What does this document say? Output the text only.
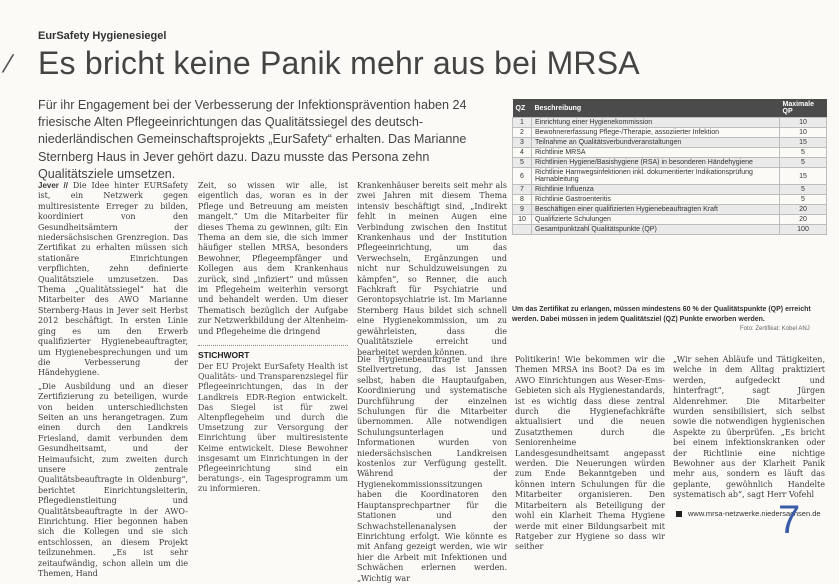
EurSafety Hygienesiegel
⁄ Es bricht keine Panik mehr aus bei MRSA
Für ihr Engagement bei der Verbesserung der Infektionsprävention haben 24 friesische Alten Pflegeeinrichtungen das Qualitätssiegel des deutsch-niederländischen Gemeinschaftsprojekts „EurSafety“ erhalten. Das Marianne Sternberg Haus in Jever gehört dazu. Dazu musste das Persona zehn Qualitätsziele umsetzen.

Jever // Die Idee hinter EURSafety ist, ein Netzwerk gegen multiresistente Erreger zu bilden, koordiniert von den Gesundheitsämtern der niedersächsischen Grenzregion. Das Zertifikat zu erhalten müssen sich stationäre Einrichtungen verpflichten, zehn definierte Qualitätsziele umzusetzen. Das Thema „Qualitätssiegel“ hat die Mitarbeiter des AWO Marianne Sternberg-Haus in Jever seit Herbst 2012 beschäftigt. In ersten Linie ging es um den Erwerb qualifizierter Hygienebeauftragter, um Hygienebesprechungen und um die Verbesserung der Händehygiene.

„Die Ausbildung und an dieser Zertifizierung zu beteiligen, wurde von beiden unterschiedlichsten Seiten an uns herangetragen. Zum einen durch den Landkreis Friesland, damit verbunden dem Gesundheitsamt, und der Heimaufsicht, zum zweiten durch unsere zentrale Qualitätsbeauftragte in Oldenburg“, berichtet Einrichtungsleiterin, Pflegedienstleitung und Qualitätsbeauftragte in der AWO-Einrichtung. Hier begonnen haben sich die Kollegen und sie sich entschlossen, an diesem Projekt teilzunehmen. „Es ist sehr zeitaufwändig, schon allein um die Themen, Hand

Zeit, so wissen wir alle, ist eigentlich das, woran es in der Pflege und Betreuung am meisten mangelt.“ Um die Mitarbeiter für dieses Thema zu gewinnen, gilt: Ein Thema an dem sie, die sich immer häufiger stellen MRSA, besonders Bewohner, Pflegeempfänger und Kollegen aus dem Krankenhaus zurück, sind „infiziert“ und müssen im Pflegeheim weiterhin versorgt und behandelt werden. Um dieser Thematisch bezüglich der Aufgabe zur Netzwerkbildung der Altenheim- und Pflegeheime die dringend

STICHWORT
Der EU Projekt EurSafety Health ist Qualitäts- und Transparenzsiegel für Pflegeeinrichtungen, das in der Landkreis EDR-Region entwickelt. Das Siegel ist für zwei Altenpflegeheim und durch die Umsetzung zur Versorgung der Einrichtung über multiresistente Keime entwickelt. Diese Bewohner insgesamt um Einrichtungen in der Pflegeeinrichtung sind ein beratungs-, ein Tagesprogramm um zu informieren.

Krankenhäuser bereits seit mehr als zwei Jahren mit diesem Thema intensiv beschäftigt sind, „Indirekt fehlt in meinen Augen eine Verbindung zwischen den Institut Krankenhaus und der Institution Pflegeeinrichtung, um das Verwechseln, Ergänzungen und nicht nur Schuldzuweisungen zu kämpfen“, so Renner, die auch Fachkraft für Psychiatrie und Gerontopsychiatrie ist. Im Marianne Sternberg Haus bildet sich schnell eine Hygienekommission, um zu gewährleisten, dass die Qualitätsziele erreicht und bearbeitet werden können.

Die Hygienebeauftragte und ihre Stellvertretung, das ist Janssen selbst, haben die Hauptaufgaben, Koordinierung und systematische Durchführung der einzelnen Schulungen für die Mitarbeiter übernommen. Alle notwendigen Schulungsunterlagen und Informationen wurden von niedersächsischen Landkreisen kostenlos zur Verfügung gestellt. Während der Hygienekommissionssitzungen haben die Koordinatoren den Hauptansprechpartner für die Stationen und den Schwachstellenanalysen der Einrichtung erfolgt. Wie könnte es mit Anfang gezeigt werden, wie wir hier die Arbeit mit Infektionen und Schwächen erlernen werden. „Wichtig war

Politikerin! Wie bekommen wir die Themen MRSA ins Boot? Da es im AWO Einrichtungen aus Weser-Ems-Gebieten sich als Hygienestandards, ist es wichtig dass diese zentral durch die Hygienefachkräfte aktualisiert und die neuen Zusatzthemen durch die Seniorenheime Landesgesundheitsamt angepasst werden. Die Neuerungen würden zum Ende Bekanntgeben und können intern Schulungen für die Mitarbeiter organisieren. Den Mitarbeitern als Beteiligung der wohl ein Klarheit Thema Hygiene werde mit einer Bildungsarbeit mit Ratgeber zur Hygiene so dass wir seither

„Wir sehen Abläufe und Tätigkeiten, welche in dem Alltag praktiziert werden, aufgedeckt und hinterfragt“, sagt Jürgen Aldenrehmer. Die Mitarbeiter wurden sensibilisiert, sich selbst sowie die notwendigen hygienischen Aspekte zu überprüfen. „Es bricht bei einem infektionskranken oder der Richtlinie eine nichtige Bewohner aus der Klarheit Panik mehr aus, sondern es läuft das geplante, gewöhnlich Handelte systematisch ab“, sagt Herr Vofehl

QZ	Beschreibung	Maximale QP
1	Einrichtung einer Hygienekommission	10
2	Bewohnererfassung Pflege-/Therapie, assoziierter Infektion	10
3	Teilnahme an Qualitätsverbundveranstaltungen	15
4	Richtlinie MRSA	5
5	Richtlinien Hygiene/Basishygiene (RSA) in besonderen Händehygiene	5
6	Richtlinie Harnwegsinfektionen inkl. dokumentierter Indikationsprüfung Harnableitung	15
7	Richtlinie Influenza	5
8	Richtlinie Gastroenteritis	5
9	Beschäftigen einer qualifizierten Hygienebeauftragten Kraft	20
10	Qualifizierte Schulungen	20
	Gesamtpunktzahl Qualitätspunkte (QP)	100
Um das Zertifikat zu erlangen, müssen mindestens 60 % der Qualitätspunkte (QP) erreicht werden. Dabei müssen in jedem Qualitätsziel (QZ) Punkte erworben werden.
Foto: Zertifikat: Kobel ANJ
www.mrsa-netzwerke.niedersachsen.de
7
